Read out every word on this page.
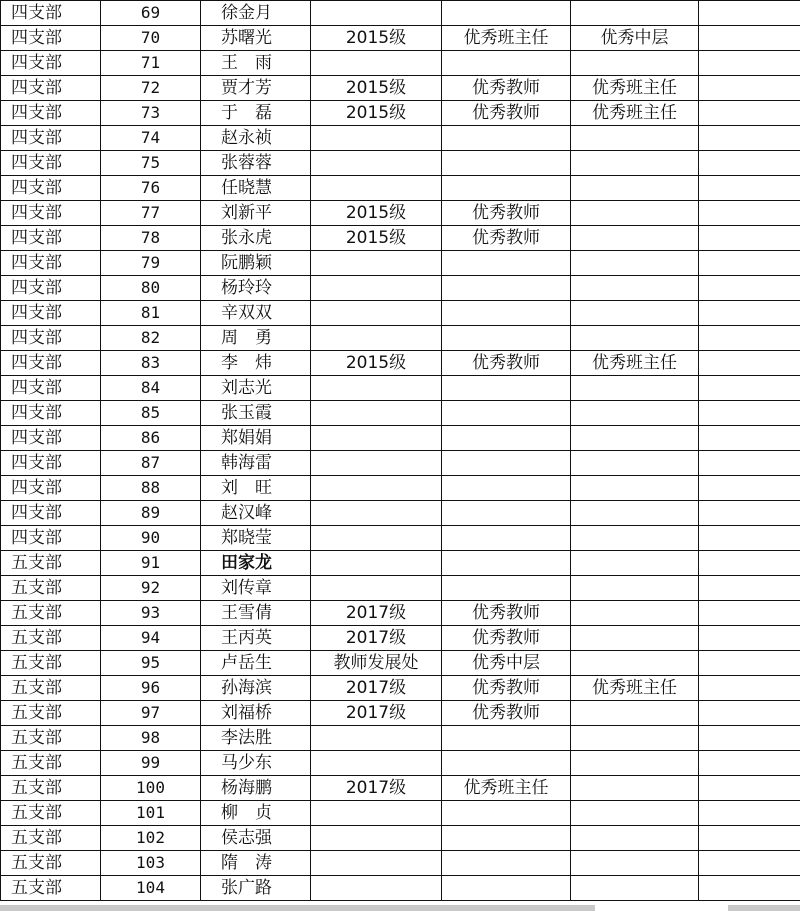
四支部	69	徐金月				
四支部	70	苏曙光	2015级	优秀班主任	优秀中层	
四支部	71	王　雨				
四支部	72	贾才芳	2015级	优秀教师	优秀班主任	
四支部	73	于　磊	2015级	优秀教师	优秀班主任	
四支部	74	赵永祯				
四支部	75	张蓉蓉				
四支部	76	任晓慧				
四支部	77	刘新平	2015级	优秀教师		
四支部	78	张永虎	2015级	优秀教师		
四支部	79	阮鹏颖				
四支部	80	杨玲玲				
四支部	81	辛双双				
四支部	82	周　勇				
四支部	83	李　炜	2015级	优秀教师	优秀班主任	
四支部	84	刘志光				
四支部	85	张玉霞				
四支部	86	郑娟娟				
四支部	87	韩海雷				
四支部	88	刘　旺				
四支部	89	赵汉峰				
四支部	90	郑晓莹				
五支部	91	田家龙				
五支部	92	刘传章				
五支部	93	王雪倩	2017级	优秀教师		
五支部	94	王丙英	2017级	优秀教师		
五支部	95	卢岳生	教师发展处	优秀中层		
五支部	96	孙海滨	2017级	优秀教师	优秀班主任	
五支部	97	刘福桥	2017级	优秀教师		
五支部	98	李法胜				
五支部	99	马少东				
五支部	100	杨海鹏	2017级	优秀班主任		
五支部	101	柳　贞				
五支部	102	侯志强				
五支部	103	隋　涛				
五支部	104	张广路				
